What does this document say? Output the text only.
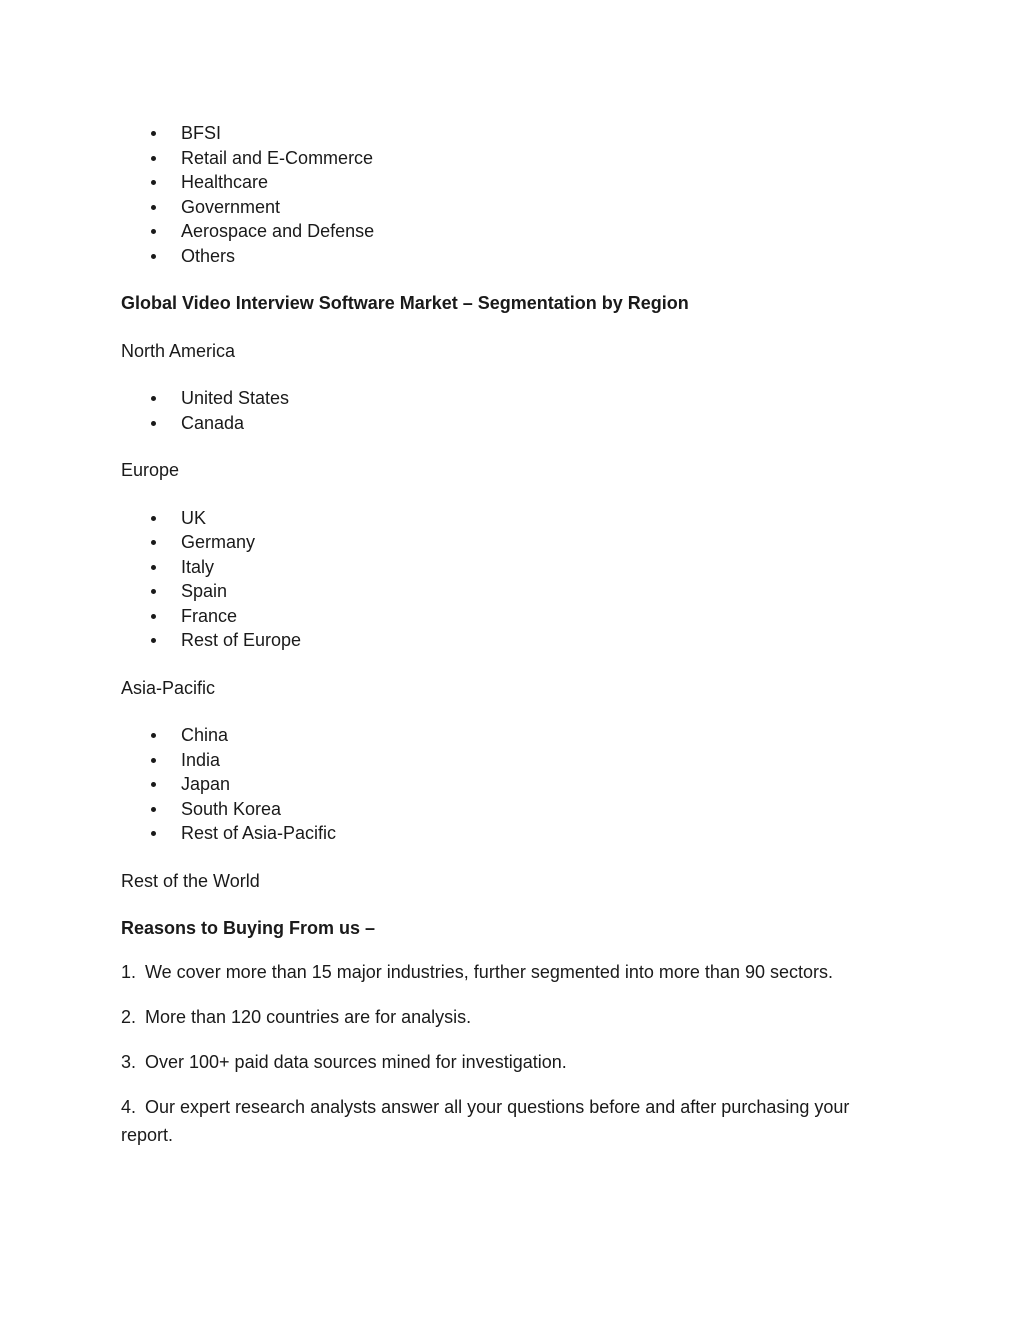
BFSI
Retail and E-Commerce
Healthcare
Government
Aerospace and Defense
Others

Global Video Interview Software Market – Segmentation by Region

North America

United States
Canada

Europe

UK
Germany
Italy
Spain
France
Rest of Europe

Asia-Pacific

China
India
Japan
South Korea
Rest of Asia-Pacific

Rest of the World

Reasons to Buying From us –

1. We cover more than 15 major industries, further segmented into more than 90 sectors.

2. More than 120 countries are for analysis.

3. Over 100+ paid data sources mined for investigation.

4. Our expert research analysts answer all your questions before and after purchasing your report.
